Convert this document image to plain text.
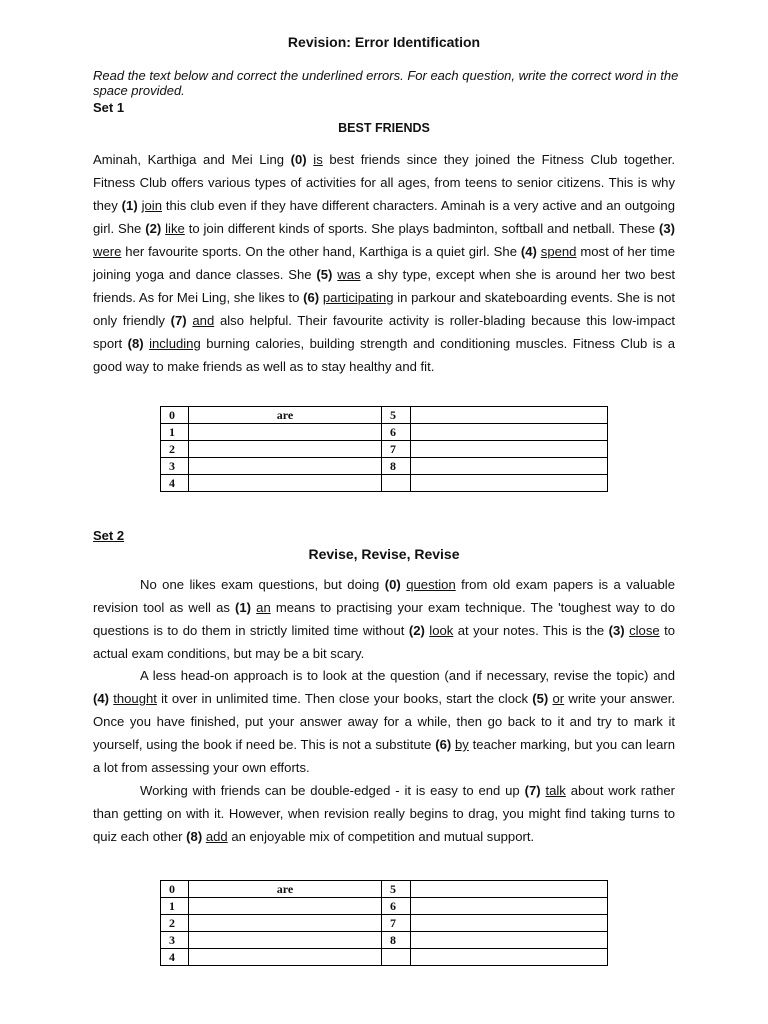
Revision: Error Identification
Read the text below and correct the underlined errors. For each question, write the correct word in the space provided.
Set 1
BEST FRIENDS

Aminah, Karthiga and Mei Ling (0) is best friends since they joined the Fitness Club together. Fitness Club offers various types of activities for all ages, from teens to senior citizens. This is why they (1) join this club even if they have different characters. Aminah is a very active and an outgoing girl. She (2) like to join different kinds of sports. She plays badminton, softball and netball. These (3) were her favourite sports. On the other hand, Karthiga is a quiet girl. She (4) spend most of her time joining yoga and dance classes. She (5) was a shy type, except when she is around her two best friends. As for Mei Ling, she likes to (6) participating in parkour and skateboarding events. She is not only friendly (7) and also helpful. Their favourite activity is roller-blading because this low-impact sport (8) including burning calories, building strength and conditioning muscles. Fitness Club is a good way to make friends as well as to stay healthy and fit.

0	are	5	
1		6	
2		7	
3		8	
4			
Set 2
Revise, Revise, Revise

No one likes exam questions, but doing (0) question from old exam papers is a valuable revision tool as well as (1) an means to practising your exam technique. The 'toughest way to do questions is to do them in strictly limited time without (2) look at your notes. This is the (3) close to actual exam conditions, but may be a bit scary.

A less head-on approach is to look at the question (and if necessary, revise the topic) and (4) thought it over in unlimited time. Then close your books, start the clock (5) or write your answer. Once you have finished, put your answer away for a while, then go back to it and try to mark it yourself, using the book if need be. This is not a substitute (6) by teacher marking, but you can learn a lot from assessing your own efforts.

Working with friends can be double-edged - it is easy to end up (7) talk about work rather than getting on with it. However, when revision really begins to drag, you might find taking turns to quiz each other (8) add an enjoyable mix of competition and mutual support.

0	are	5	
1		6	
2		7	
3		8	
4			
